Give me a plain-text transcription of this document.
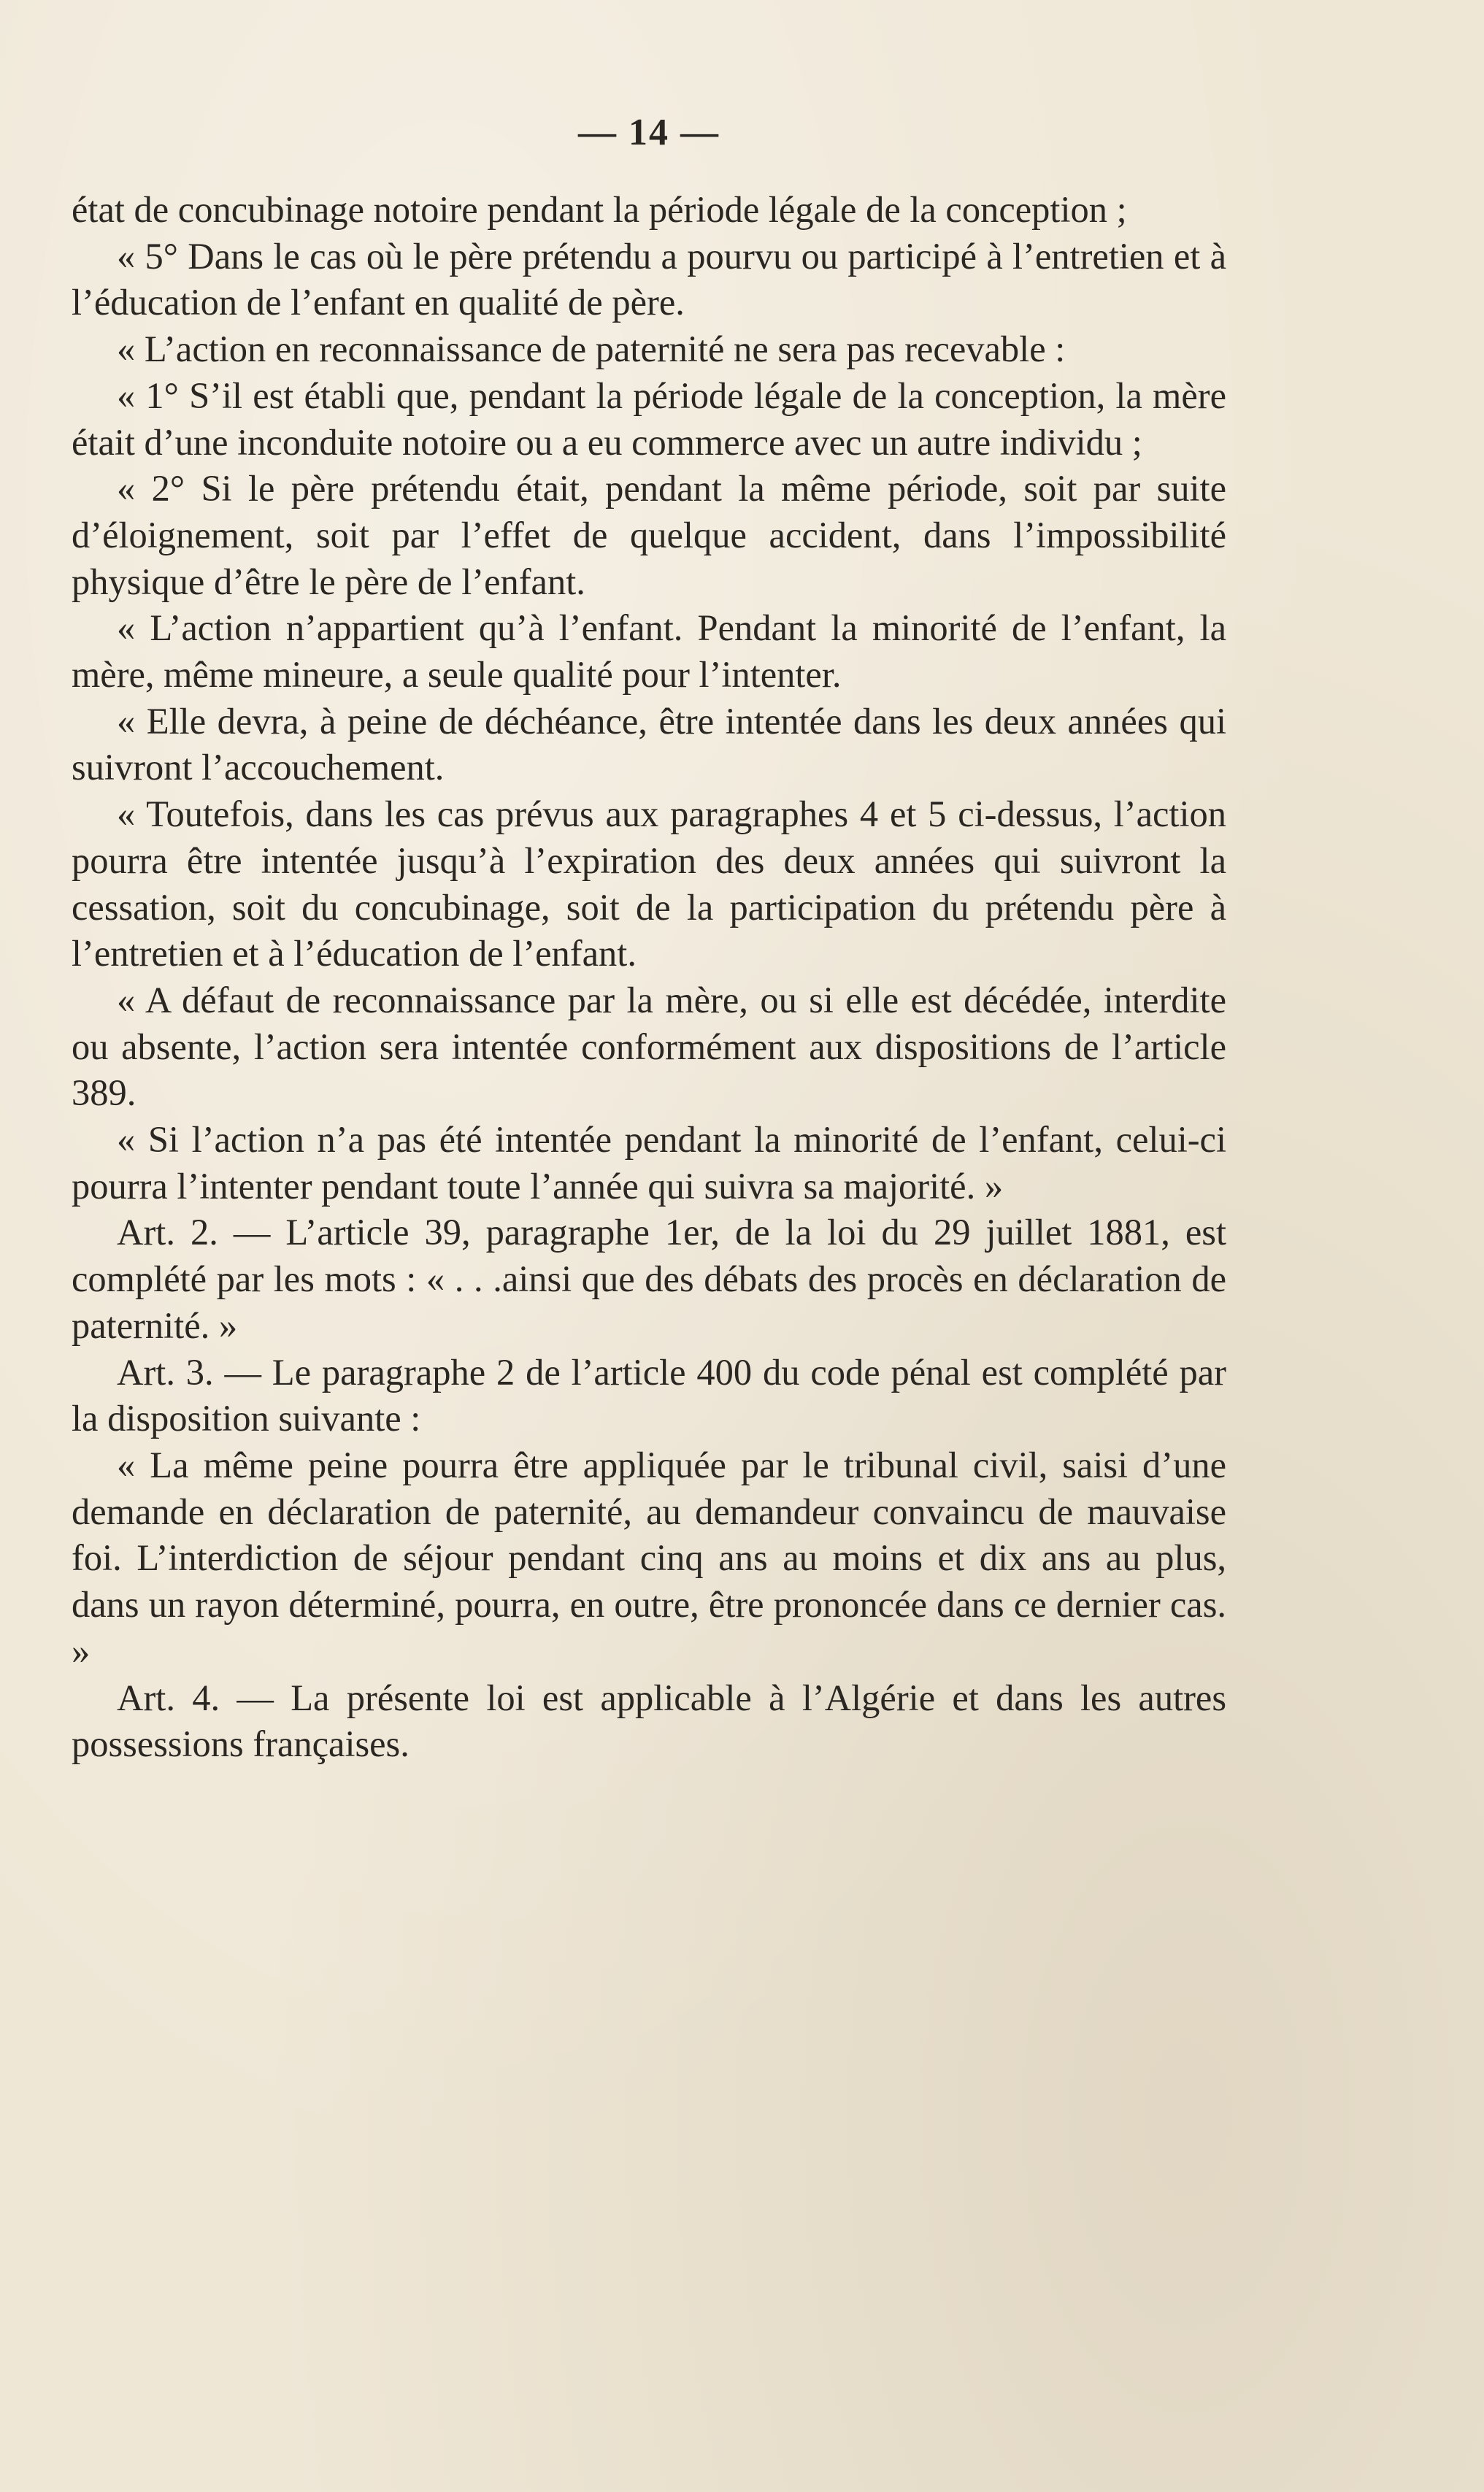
— 14 —

état de concubinage notoire pendant la période légale de la conception ;

« 5° Dans le cas où le père prétendu a pourvu ou participé à l’entretien et à l’éducation de l’enfant en qualité de père.

« L’action en reconnaissance de paternité ne sera pas recevable :

« 1° S’il est établi que, pendant la période légale de la conception, la mère était d’une inconduite notoire ou a eu commerce avec un autre individu ;

« 2° Si le père prétendu était, pendant la même période, soit par suite d’éloignement, soit par l’effet de quelque accident, dans l’impossibilité physique d’être le père de l’enfant.

« L’action n’appartient qu’à l’enfant. Pendant la minorité de l’enfant, la mère, même mineure, a seule qualité pour l’intenter.

« Elle devra, à peine de déchéance, être intentée dans les deux années qui suivront l’accouchement.

« Toutefois, dans les cas prévus aux paragraphes 4 et 5 ci-dessus, l’action pourra être intentée jusqu’à l’expiration des deux années qui suivront la cessation, soit du concubinage, soit de la participation du prétendu père à l’entretien et à l’éducation de l’enfant.

« A défaut de reconnaissance par la mère, ou si elle est décédée, interdite ou absente, l’action sera intentée conformément aux dispositions de l’article 389.

« Si l’action n’a pas été intentée pendant la minorité de l’enfant, celui-ci pourra l’intenter pendant toute l’année qui suivra sa majorité. »

Art. 2. — L’article 39, paragraphe 1er, de la loi du 29 juillet 1881, est complété par les mots : « . . .ainsi que des débats des procès en déclaration de paternité. »

Art. 3. — Le paragraphe 2 de l’article 400 du code pénal est complété par la disposition suivante :

« La même peine pourra être appliquée par le tribunal civil, saisi d’une demande en déclaration de paternité, au demandeur convaincu de mauvaise foi. L’interdiction de séjour pendant cinq ans au moins et dix ans au plus, dans un rayon déterminé, pourra, en outre, être prononcée dans ce dernier cas. »

Art. 4. — La présente loi est applicable à l’Algérie et dans les autres possessions françaises.
